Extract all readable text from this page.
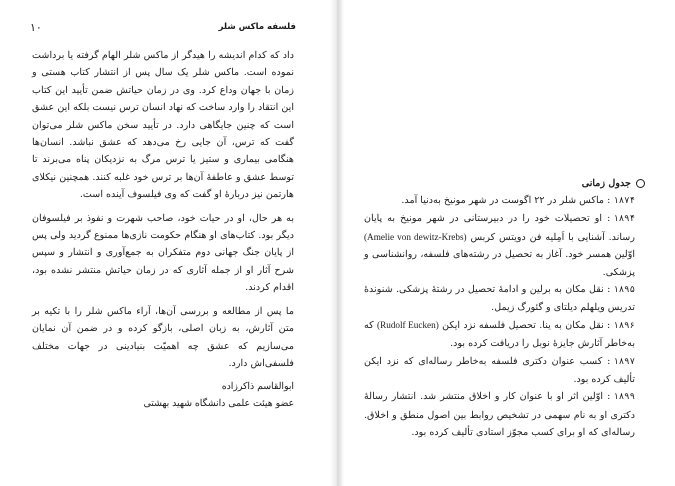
فلسفه ماکس شلر
۱۰

داد که کدام اندیشه را هیدگر از ماکس شلر الهام گرفته یا برداشت نموده است. ماکس شلر یک سال پس از انتشار کتاب هستی و زمان با جهان وداع کرد. وی در زمان حیاتش ضمن تأیید این کتاب این انتقاد را وارد ساخت که نهاد انسان ترس نیست بلکه این عشق است که چنین جایگاهی دارد. در تأیید سخن ماکس شلر می‌توان گفت که ترس، آن جایی رخ می‌دهد که عشق نباشد. انسان‌ها هنگامی بیماری و ستیز یا ترس مرگ به نزدیکان پناه می‌برند تا توسط عشق و عاطفهٔ آن‌ها بر ترس خود غلبه کنند. همچنین نیکلای هارتمن نیز دربارهٔ او گفت که وی فیلسوف آینده است.

به هر حال، او در حیات خود، صاحب شهرت و نفوذ بر فیلسوفان دیگر بود. کتاب‌های او هنگام حکومت نازی‌ها ممنوع گردید ولی پس از پایان جنگ جهانی دوم متفکران به جمع‌آوری و انتشار و سپس شرح آثار او از جمله آثاری که در زمان حیاتش منتشر نشده بود، اقدام کردند.

ما پس از مطالعه و بررسی آن‌ها، آراء ماکس شلر را با تکیه بر متن آثارش، به زبان اصلی، بازگو کرده و در ضمن آن نمایان می‌سازیم که عشق چه اهمیّت بنیادینی در جهات مختلف فلسفی‌اش دارد.

ابوالقاسم ذاکرزاده
عضو هیئت علمی دانشگاه شهید بهشتی
جدول زمانی

۱۸۷۴: ماکس شلر در ۲۲ اگوست در شهر مونیخ به‌دنیا آمد.

۱۸۹۴: او تحصیلات خود را در دبیرستانی در شهر مونیخ به پایان رساند. آشنایی با اَمِلیه فن دویتس کربس (Amelie von dewitz-Krebs) اوّلین همسر خود. آغاز به تحصیل در رشته‌های فلسفه، روانشناسی و پزشکی.

۱۸۹۵: نقل مکان به برلین و ادامهٔ تحصیل در رشتهٔ پزشکی. شنوندهٔ تدریس ویلهلم دیلتای و گئورگ زیمل.

۱۸۹۶: نقل مکان به ینا. تحصیل فلسفه نزد ایکن (Rudolf Eucken) که به‌خاطر آثارش جایزهٔ نوبل را دریافت کرده بود.

۱۸۹۷: کسب عنوان دکتری فلسفه به‌خاطر رساله‌ای که نزد ایکن تألیف کرده بود.

۱۸۹۹: اوّلین اثر او با عنوان کار و اخلاق منتشر شد. انتشار رسالهٔ دکتری او به نام سهمی در تشخیص روابط بین اصول منطق و اخلاق. رساله‌ای که او برای کسب مجوّز استادی تألیف کرده بود.
